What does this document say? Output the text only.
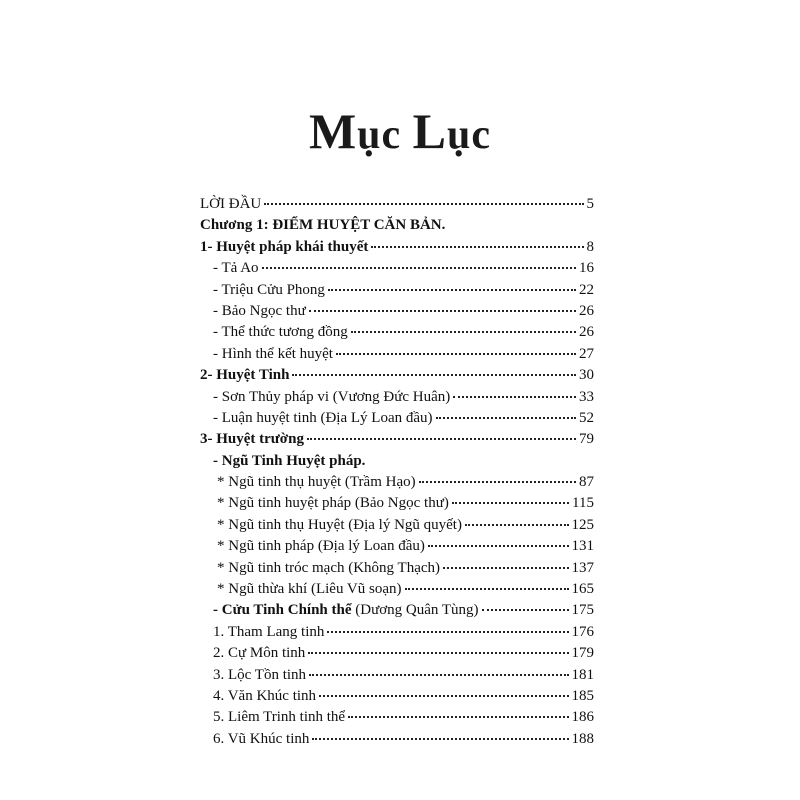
Mục Lục
LỜI ĐẦU	5
Chương 1: ĐIỂM HUYỆT CĂN BẢN.
1- Huyệt pháp khái thuyết	8
- Tả Ao	16
- Triệu Cửu Phong	22
- Bảo Ngọc thư	26
- Thể thức tương đồng	26
- Hình thể kết huyệt	27
2- Huyệt Tinh	30
- Sơn Thủy pháp vi (Vương Đức Huân)	33
- Luận huyệt tinh (Địa Lý Loan đầu)	52
3- Huyệt trường	79
- Ngũ Tinh Huyệt pháp.
* Ngũ tinh thụ huyệt (Trầm Hạo)	87
* Ngũ tinh huyệt pháp (Bảo Ngọc thư)	115
* Ngũ tinh thụ Huyệt (Địa lý Ngũ quyết)	125
* Ngũ tinh pháp (Địa lý Loan đầu)	131
* Ngũ tinh tróc mạch (Không Thạch)	137
* Ngũ thừa khí (Liêu Vũ soạn)	165
- Cửu Tinh Chính thể (Dương Quân Tùng)	175
1. Tham Lang tinh	176
2. Cự Môn tinh	179
3. Lộc Tồn tinh	181
4. Văn Khúc tinh	185
5. Liêm Trinh tinh thể	186
6. Vũ Khúc tinh	188
